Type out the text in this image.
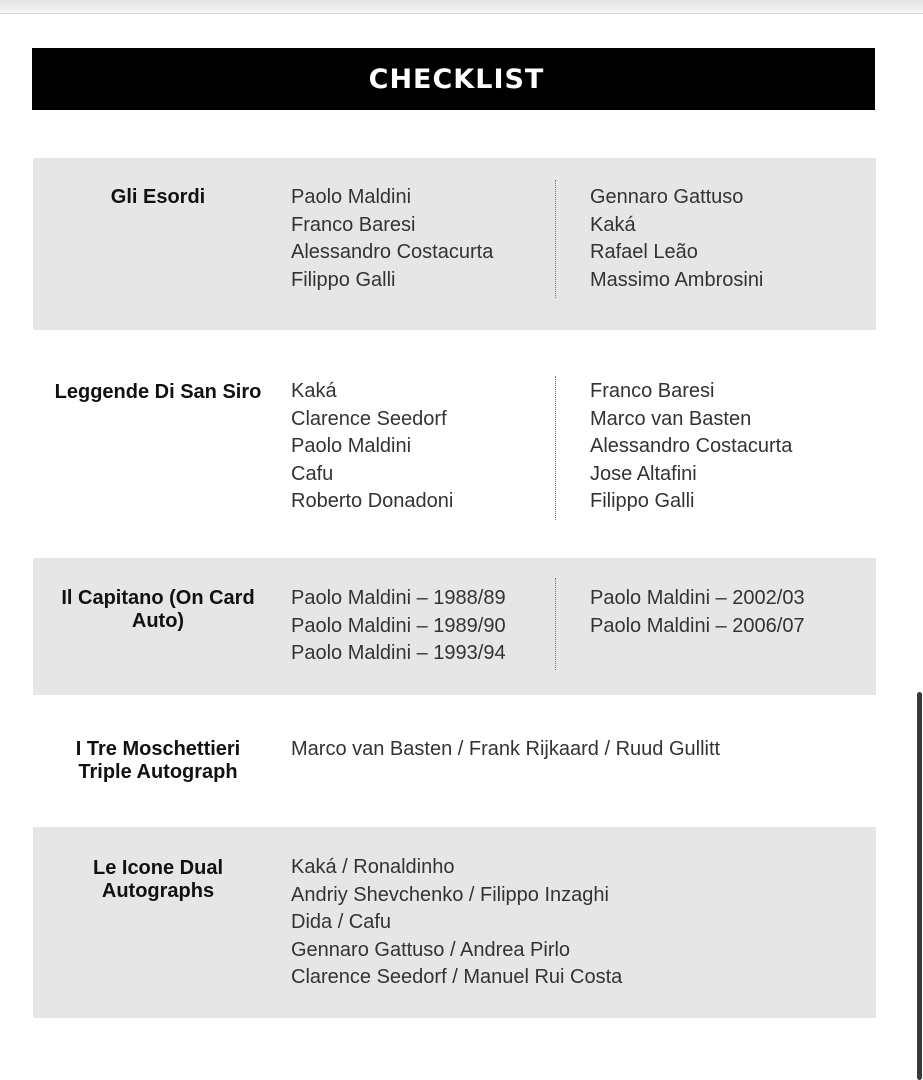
CHECKLIST
Gli Esordi	Paolo Maldini
Franco Baresi
Alessandro Costacurta
Filippo Galli
Gennaro Gattuso
Kaká
Rafael Leão
Massimo Ambrosini
Leggende Di San Siro Kaká
Clarence Seedorf
Paolo Maldini
Cafu
Roberto Donadoni
Franco Baresi
Marco van Basten
Alessandro Costacurta
Jose Altafini
Filippo Galli
Il Capitano (On Card Auto)
Paolo Maldini – 1988/89
Paolo Maldini – 1989/90
Paolo Maldini – 1993/94
Paolo Maldini – 2002/03
Paolo Maldini – 2006/07
I Tre Moschettieri Triple Autograph
Marco van Basten / Frank Rijkaard / Ruud Gullitt
Le Icone Dual Autographs
Kaká / Ronaldinho
Andriy Shevchenko / Filippo Inzaghi
Dida / Cafu
Gennaro Gattuso / Andrea Pirlo
Clarence Seedorf / Manuel Rui Costa
